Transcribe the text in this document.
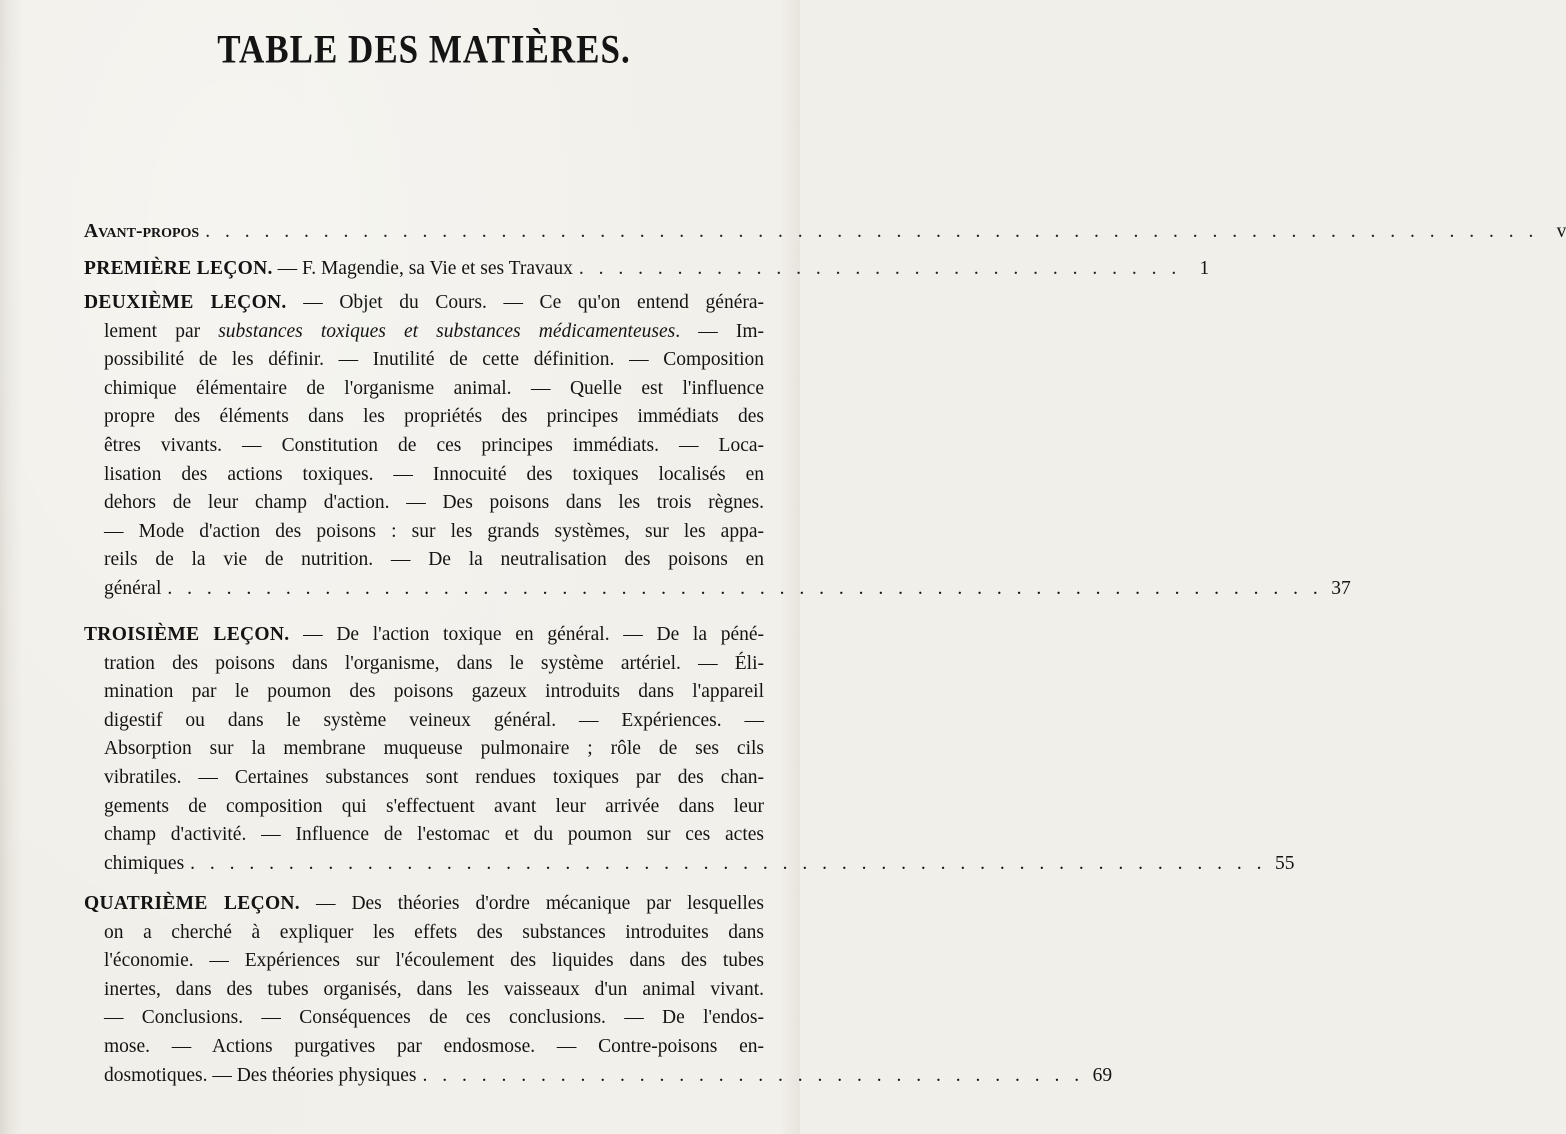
TABLE DES MATIÈRES.
Avant-propos . . . . . . . . . . . . . . . . . . . . . . . . . . . . . . . . . . . . . . . . . . . . . . . . . . . . . . . . . . . . . . . . . . . . v
PREMIÈRE LEÇON. — F. Magendie, sa Vie et ses Travaux . . . . . . . . . . . . . . . . . . . . . . . . . . . . . . . 1
DEUXIÈME LEÇON. — Objet du Cours. — Ce qu'on entend généra-
lement par substances toxiques et substances médicamenteuses. — Im-
possibilité de les définir. — Inutilité de cette définition. — Composition
chimique élémentaire de l'organisme animal. — Quelle est l'influence
propre des éléments dans les propriétés des principes immédiats des
êtres vivants. — Constitution de ces principes immédiats. — Loca-
lisation des actions toxiques. — Innocuité des toxiques localisés en
dehors de leur champ d'action. — Des poisons dans les trois règnes.
— Mode d'action des poisons : sur les grands systèmes, sur les appa-
reils de la vie de nutrition. — De la neutralisation des poisons en
général . . . . . . . . . . . . . . . . . . . . . . . . . . . . . . . . . . . . . . . . . . . . . . . . . . . . . . . . . . . 37
TROISIÈME LEÇON. — De l'action toxique en général. — De la péné-
tration des poisons dans l'organisme, dans le système artériel. — Éli-
mination par le poumon des poisons gazeux introduits dans l'appareil
digestif ou dans le système veineux général. — Expériences. —
Absorption sur la membrane muqueuse pulmonaire ; rôle de ses cils
vibratiles. — Certaines substances sont rendues toxiques par des chan-
gements de composition qui s'effectuent avant leur arrivée dans leur
champ d'activité. — Influence de l'estomac et du poumon sur ces actes
chimiques . . . . . . . . . . . . . . . . . . . . . . . . . . . . . . . . . . . . . . . . . . . . . . . . . . . . . . . 55
QUATRIÈME LEÇON. — Des théories d'ordre mécanique par lesquelles
on a cherché à expliquer les effets des substances introduites dans
l'économie. — Expériences sur l'écoulement des liquides dans des tubes
inertes, dans des tubes organisés, dans les vaisseaux d'un animal vivant.
— Conclusions. — Conséquences de ces conclusions. — De l'endos-
mose. — Actions purgatives par endosmose. — Contre-poisons en-
dosmotiques. — Des théories physiques . . . . . . . . . . . . . . . . . . . . . . . . . . . . . . . . . . 69
